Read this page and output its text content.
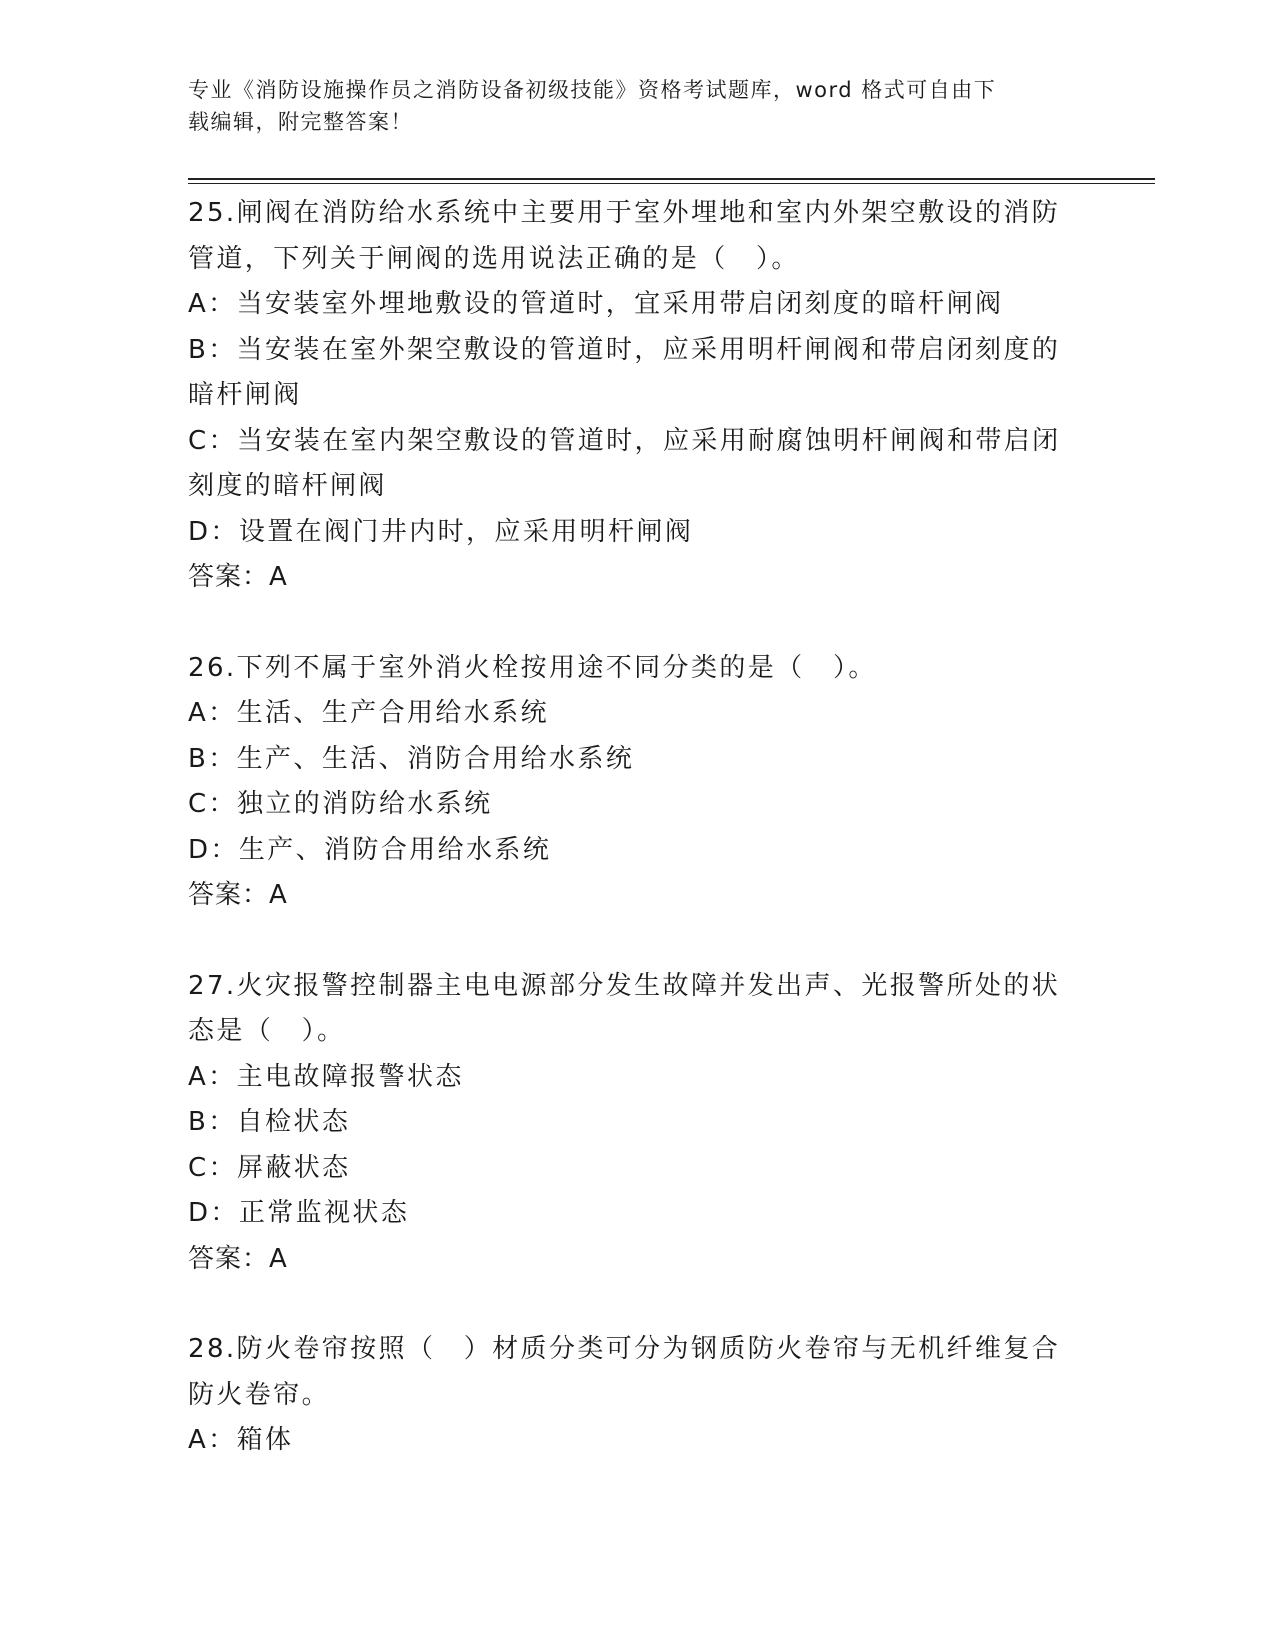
专业《消防设施操作员之消防设备初级技能》资格考试题库，word 格式可自由下
载编辑，附完整答案！
25.闸阀在消防给水系统中主要用于室外埋地和室内外架空敷设的消防
管道，下列关于闸阀的选用说法正确的是（　）。
A：当安装室外埋地敷设的管道时，宜采用带启闭刻度的暗杆闸阀
B：当安装在室外架空敷设的管道时，应采用明杆闸阀和带启闭刻度的
暗杆闸阀
C：当安装在室内架空敷设的管道时，应采用耐腐蚀明杆闸阀和带启闭
刻度的暗杆闸阀
D：设置在阀门井内时，应采用明杆闸阀
答案：A
26.下列不属于室外消火栓按用途不同分类的是（　）。
A：生活、生产合用给水系统
B：生产、生活、消防合用给水系统
C：独立的消防给水系统
D：生产、消防合用给水系统
答案：A
27.火灾报警控制器主电电源部分发生故障并发出声、光报警所处的状
态是（　）。
A：主电故障报警状态
B：自检状态
C：屏蔽状态
D：正常监视状态
答案：A
28.防火卷帘按照（　）材质分类可分为钢质防火卷帘与无机纤维复合
防火卷帘。
A：箱体
